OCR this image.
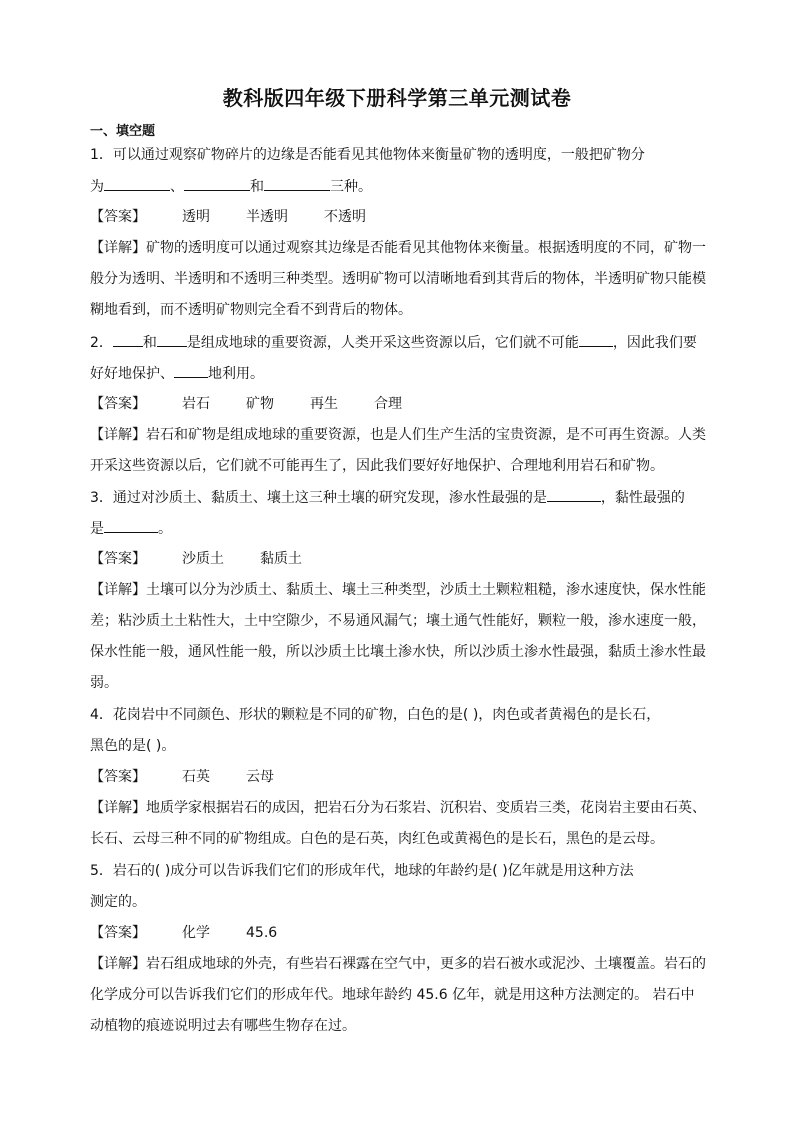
教科版四年级下册科学第三单元测试卷
一、填空题
1．可以通过观察矿物碎片的边缘是否能看见其他物体来衡量矿物的透明度，一般把矿物分
为	、	和	三种。
【答案】	透明	半透明	不透明
【详解】矿物的透明度可以通过观察其边缘是否能看见其他物体来衡量。根据透明度的不同，矿物一
般分为透明、半透明和不透明三种类型。透明矿物可以清晰地看到其背后的物体，半透明矿物只能模
糊地看到，而不透明矿物则完全看不到背后的物体。
2． 和 是组成地球的重要资源，人类开采这些资源以后，它们就不可能 ，因此我们要
好好地保护、 地利用。
【答案】	岩石	矿物	再生	合理
【详解】岩石和矿物是组成地球的重要资源，也是人们生产生活的宝贵资源，是不可再生资源。人类
开采这些资源以后，它们就不可能再生了，因此我们要好好地保护、合理地利用岩石和矿物。
3．通过对沙质土、黏质土、壤土这三种土壤的研究发现，渗水性最强的是	，黏性最强的
是	。
【答案】	沙质土	黏质土
【详解】土壤可以分为沙质土、黏质土、壤土三种类型，沙质土土颗粒粗糙，渗水速度快，保水性能
差；粘沙质土土粘性大，土中空隙少，不易通风漏气；壤土通气性能好，颗粒一般，渗水速度一般，
保水性能一般，通风性能一般，所以沙质土比壤土渗水快，所以沙质土渗水性最强，黏质土渗水性最
弱。
4．花岗岩中不同颜色、形状的颗粒是不同的矿物，白色的是( )，肉色或者黄褐色的是长石，
黑色的是( )。
【答案】	石英	云母
【详解】地质学家根据岩石的成因，把岩石分为石浆岩、沉积岩、变质岩三类，花岗岩主要由石英、
长石、云母三种不同的矿物组成。白色的是石英，肉红色或黄褐色的是长石，黑色的是云母。
5．岩石的( )成分可以告诉我们它们的形成年代，地球的年龄约是( )亿年就是用这种方法
测定的。
【答案】	化学	45.6
【详解】岩石组成地球的外壳，有些岩石裸露在空气中，更多的岩石被水或泥沙、土壤覆盖。岩石的
化学成分可以告诉我们它们的形成年代。地球年龄约 45.6 亿年，就是用这种方法测定的。 岩石中
动植物的痕迹说明过去有哪些生物存在过。
